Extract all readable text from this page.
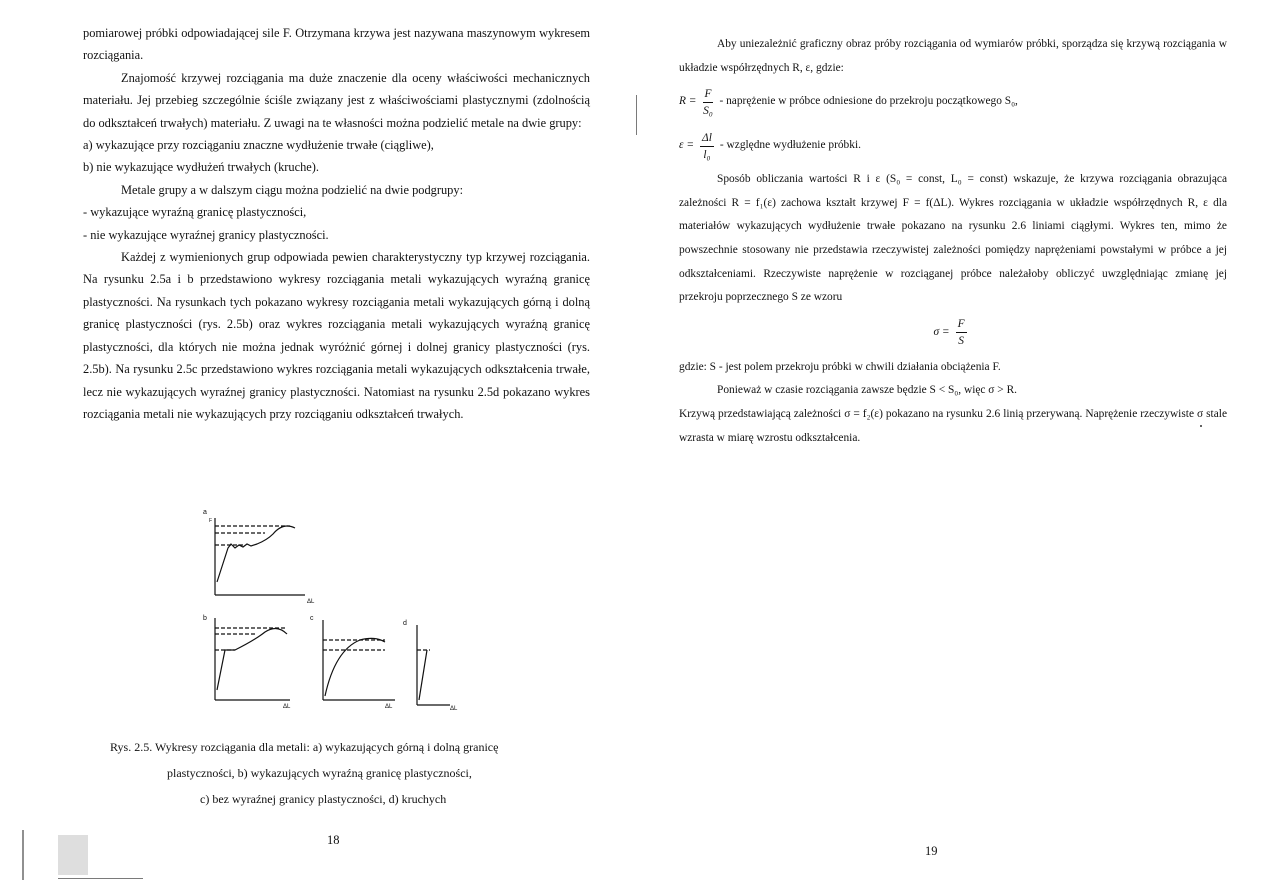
pomiarowej próbki odpowiadającej sile F. Otrzymana krzywa jest nazywana maszynowym wykresem rozciągania.

Znajomość krzywej rozciągania ma duże znaczenie dla oceny właściwości mechanicznych materiału. Jej przebieg szczególnie ściśle związany jest z właściwościami plastycznymi (zdolnością do odkształceń trwałych) materiału. Z uwagi na te własności można podzielić metale na dwie grupy:

a) wykazujące przy rozciąganiu znaczne wydłużenie trwałe (ciągliwe),

b) nie wykazujące wydłużeń trwałych (kruche).

Metale grupy a w dalszym ciągu można podzielić na dwie podgrupy:

- wykazujące wyraźną granicę plastyczności,

- nie wykazujące wyraźnej granicy plastyczności.

Każdej z wymienionych grup odpowiada pewien charakterystyczny typ krzywej rozciągania. Na rysunku 2.5a i b przedstawiono wykresy rozciągania metali wykazujących wyraźną granicę plastyczności. Na rysunkach tych pokazano wykresy rozciągania metali wykazujących górną i dolną granicę plastyczności (rys. 2.5b) oraz wykres rozciągania metali wykazujących wyraźną granicę plastyczności, dla których nie można jednak wyróżnić górnej i dolnej granicy plastyczności (rys. 2.5b). Na rysunku 2.5c przedstawiono wykres rozciągania metali wykazujących odkształcenia trwałe, lecz nie wykazujących wyraźnej granicy plastyczności. Natomiast na rysunku 2.5d pokazano wykres rozciągania metali nie wykazujących przy rozciąganiu odkształceń trwałych.

a
b	c
d
F
ΔL
ΔL	ΔL	ΔL
Rys. 2.5. Wykresy rozciągania dla metali: a) wykazujących górną i dolną granicę
plastyczności, b) wykazujących wyraźną granicę plastyczności,
c) bez wyraźnej granicy plastyczności, d) kruchych
18

Aby uniezależnić graficzny obraz próby rozciągania od wymiarów próbki, sporządza się krzywą rozciągania w układzie współrzędnych R, ε, gdzie:

$R = \frac{F}{\text{S₀}}$ - naprężenie w próbce odniesione do przekroju początkowego S₀,
$\varepsilon = \frac{\Delta l}{\text{l₀}}$ - względne wydłużenie próbki.

Sposób obliczania wartości R i ε (S₀ = const, L₀ = const) wskazuje, że krzywa rozciągania obrazująca zależności R = f₁(ε) zachowa kształt krzywej F = f(ΔL). Wykres rozciągania w układzie współrzędnych R, ε dla materiałów wykazujących wydłużenie trwałe pokazano na rysunku 2.6 liniami ciągłymi. Wykres ten, mimo że powszechnie stosowany nie przedstawia rzeczywistej zależności pomiędzy naprężeniami powstałymi w próbce a jej odkształceniami. Rzeczywiste naprężenie w rozciąganej próbce należałoby obliczyć uwzględniając zmianę jej przekroju poprzecznego S ze wzoru

$\sigma = \frac{F}{S}$

gdzie: S - jest polem przekroju próbki w chwili działania obciążenia F.

Ponieważ w czasie rozciągania zawsze będzie S < S₀, więc σ > R.

Krzywą przedstawiającą zależności σ = f₂(ε) pokazano na rysunku 2.6 linią przerywaną. Naprężenie rzeczywiste σ stale wzrasta w miarę wzrostu odkształcenia.

19
